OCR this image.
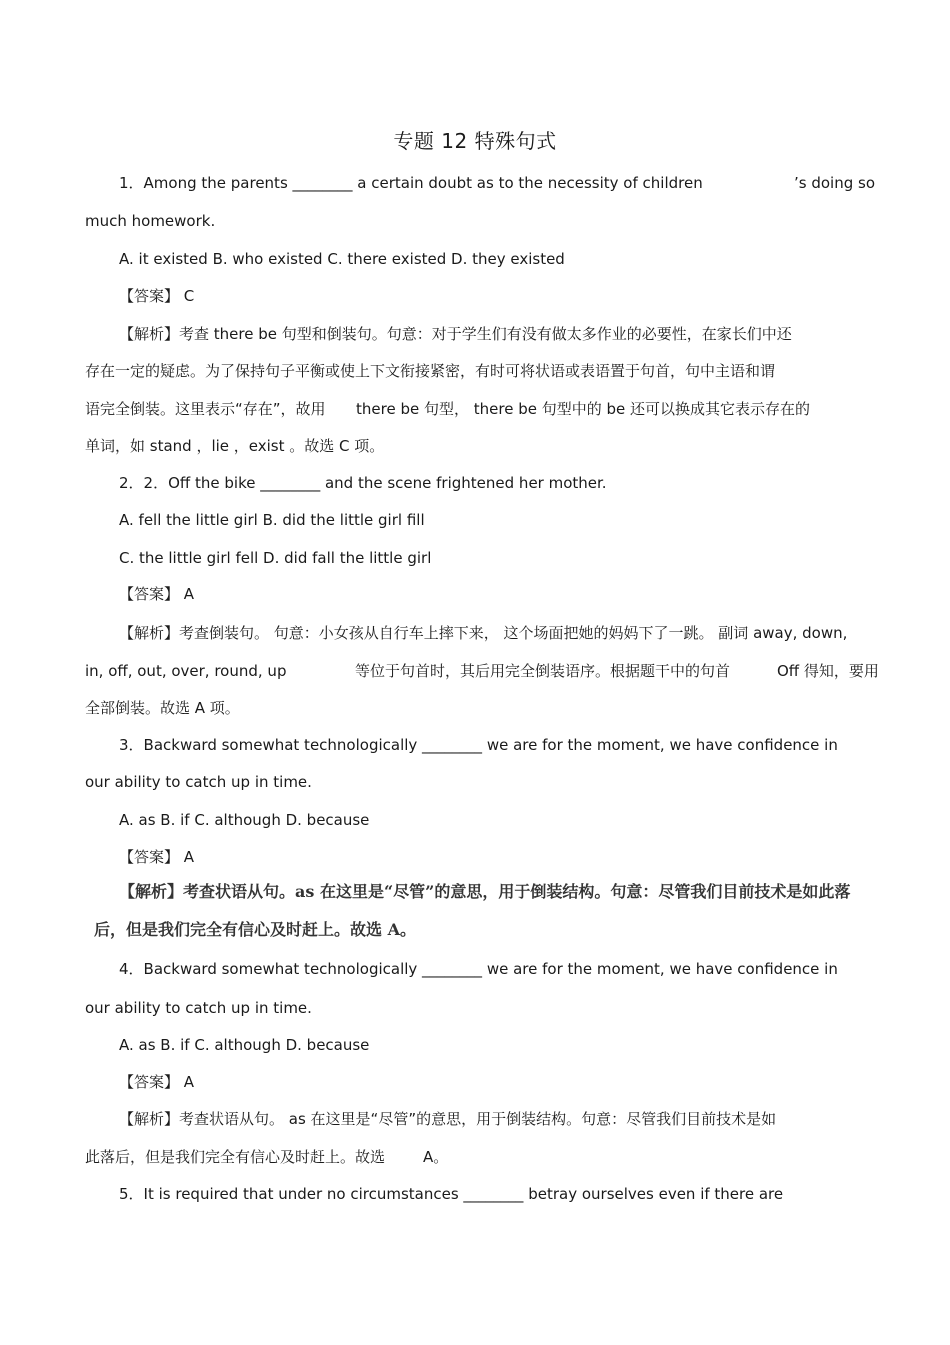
专题 12 特殊句式
1．Among the parents ________ a certain doubt as to the necessity of children	’s doing so
much homework.
A. it existed B. who existed C. there existed D. they existed
【答案】 C
【解析】考查 there be 句型和倒装句。句意：对于学生们有没有做太多作业的必要性，在家长们中还
存在一定的疑虑。为了保持句子平衡或使上下文衔接紧密，有时可将状语或表语置于句首，句中主语和谓
语完全倒装。这里表示“存在”，故用 there be 句型， there be 句型中的 be 还可以换成其它表示存在的
单词，如 stand ，lie ，exist 。故选 C 项。
2．2．Off the bike ________ and the scene frightened her mother.
A. fell the little girl B. did the little girl fill
C. the little girl fell D. did fall the little girl
【答案】 A
【解析】考查倒装句。 句意：小女孩从自行车上摔下来， 这个场面把她的妈妈下了一跳。 副词 away, down,
in, off, out, over, round, up	等位于句首时，其后用完全倒装语序。根据题干中的句首	Off 得知，要用
全部倒装。故选 A 项。
3．Backward somewhat technologically ________ we are for the moment, we have confidence in
our ability to catch up in time.
A. as B. if C. although D. because
【答案】 A
【解析】考查状语从句。as 在这里是“尽管”的意思，用于倒装结构。句意：尽管我们目前技术是如此落
后，但是我们完全有信心及时赶上。故选 A。
4．Backward somewhat technologically ________ we are for the moment, we have confidence in
our ability to catch up in time.
A. as B. if C. although D. because
【答案】 A
【解析】考查状语从句。 as 在这里是“尽管”的意思，用于倒装结构。句意：尽管我们目前技术是如
此落后，但是我们完全有信心及时赶上。故选	A。
5．It is required that under no circumstances ________ betray ourselves even if there are
